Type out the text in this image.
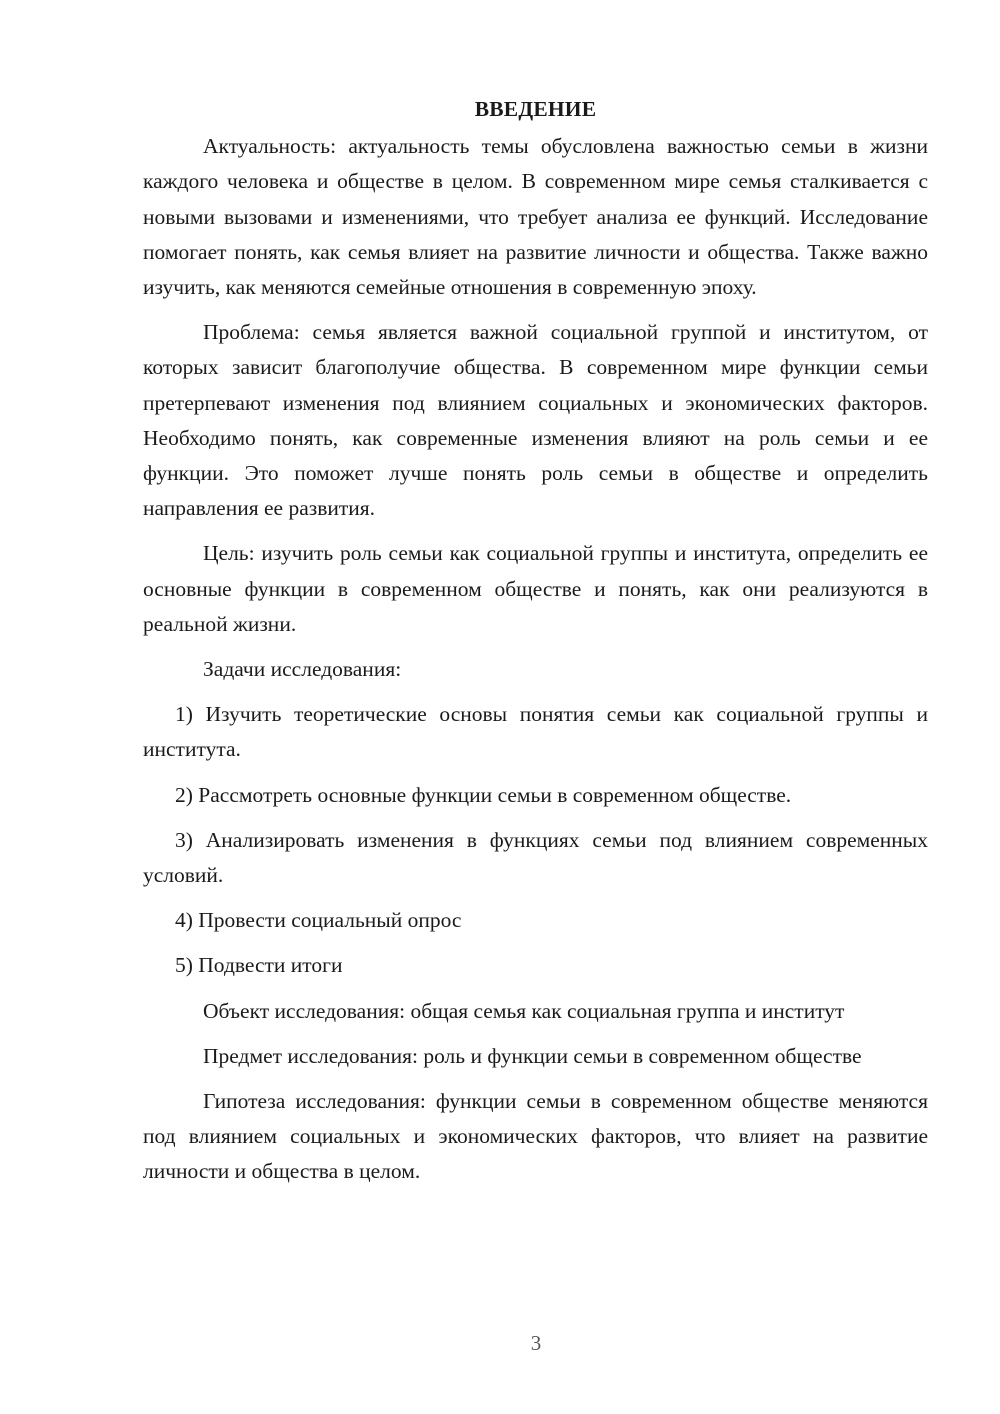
ВВЕДЕНИЕ
Актуальность: актуальность темы обусловлена важностью семьи в жизни каждого человека и обществе в целом. В современном мире семья сталкивается с новыми вызовами и изменениями, что требует анализа ее функций. Исследование помогает понять, как семья влияет на развитие личности и общества. Также важно изучить, как меняются семейные отношения в современную эпоху.
Проблема: семья является важной социальной группой и институтом, от которых зависит благополучие общества. В современном мире функции семьи претерпевают изменения под влиянием социальных и экономических факторов. Необходимо понять, как современные изменения влияют на роль семьи и ее функции. Это поможет лучше понять роль семьи в обществе и определить направления ее развития.
Цель: изучить роль семьи как социальной группы и института, определить ее основные функции в современном обществе и понять, как они реализуются в реальной жизни.
Задачи исследования:
1) Изучить теоретические основы понятия семьи как социальной группы и института.
2) Рассмотреть основные функции семьи в современном обществе.
3) Анализировать изменения в функциях семьи под влиянием современных условий.
4) Провести социальный опрос
5) Подвести итоги
Объект исследования: общая семья как социальная группа и институт
Предмет исследования: роль и функции семьи в современном обществе
Гипотеза исследования: функции семьи в современном обществе меняются под влиянием социальных и экономических факторов, что влияет на развитие личности и общества в целом.
3
